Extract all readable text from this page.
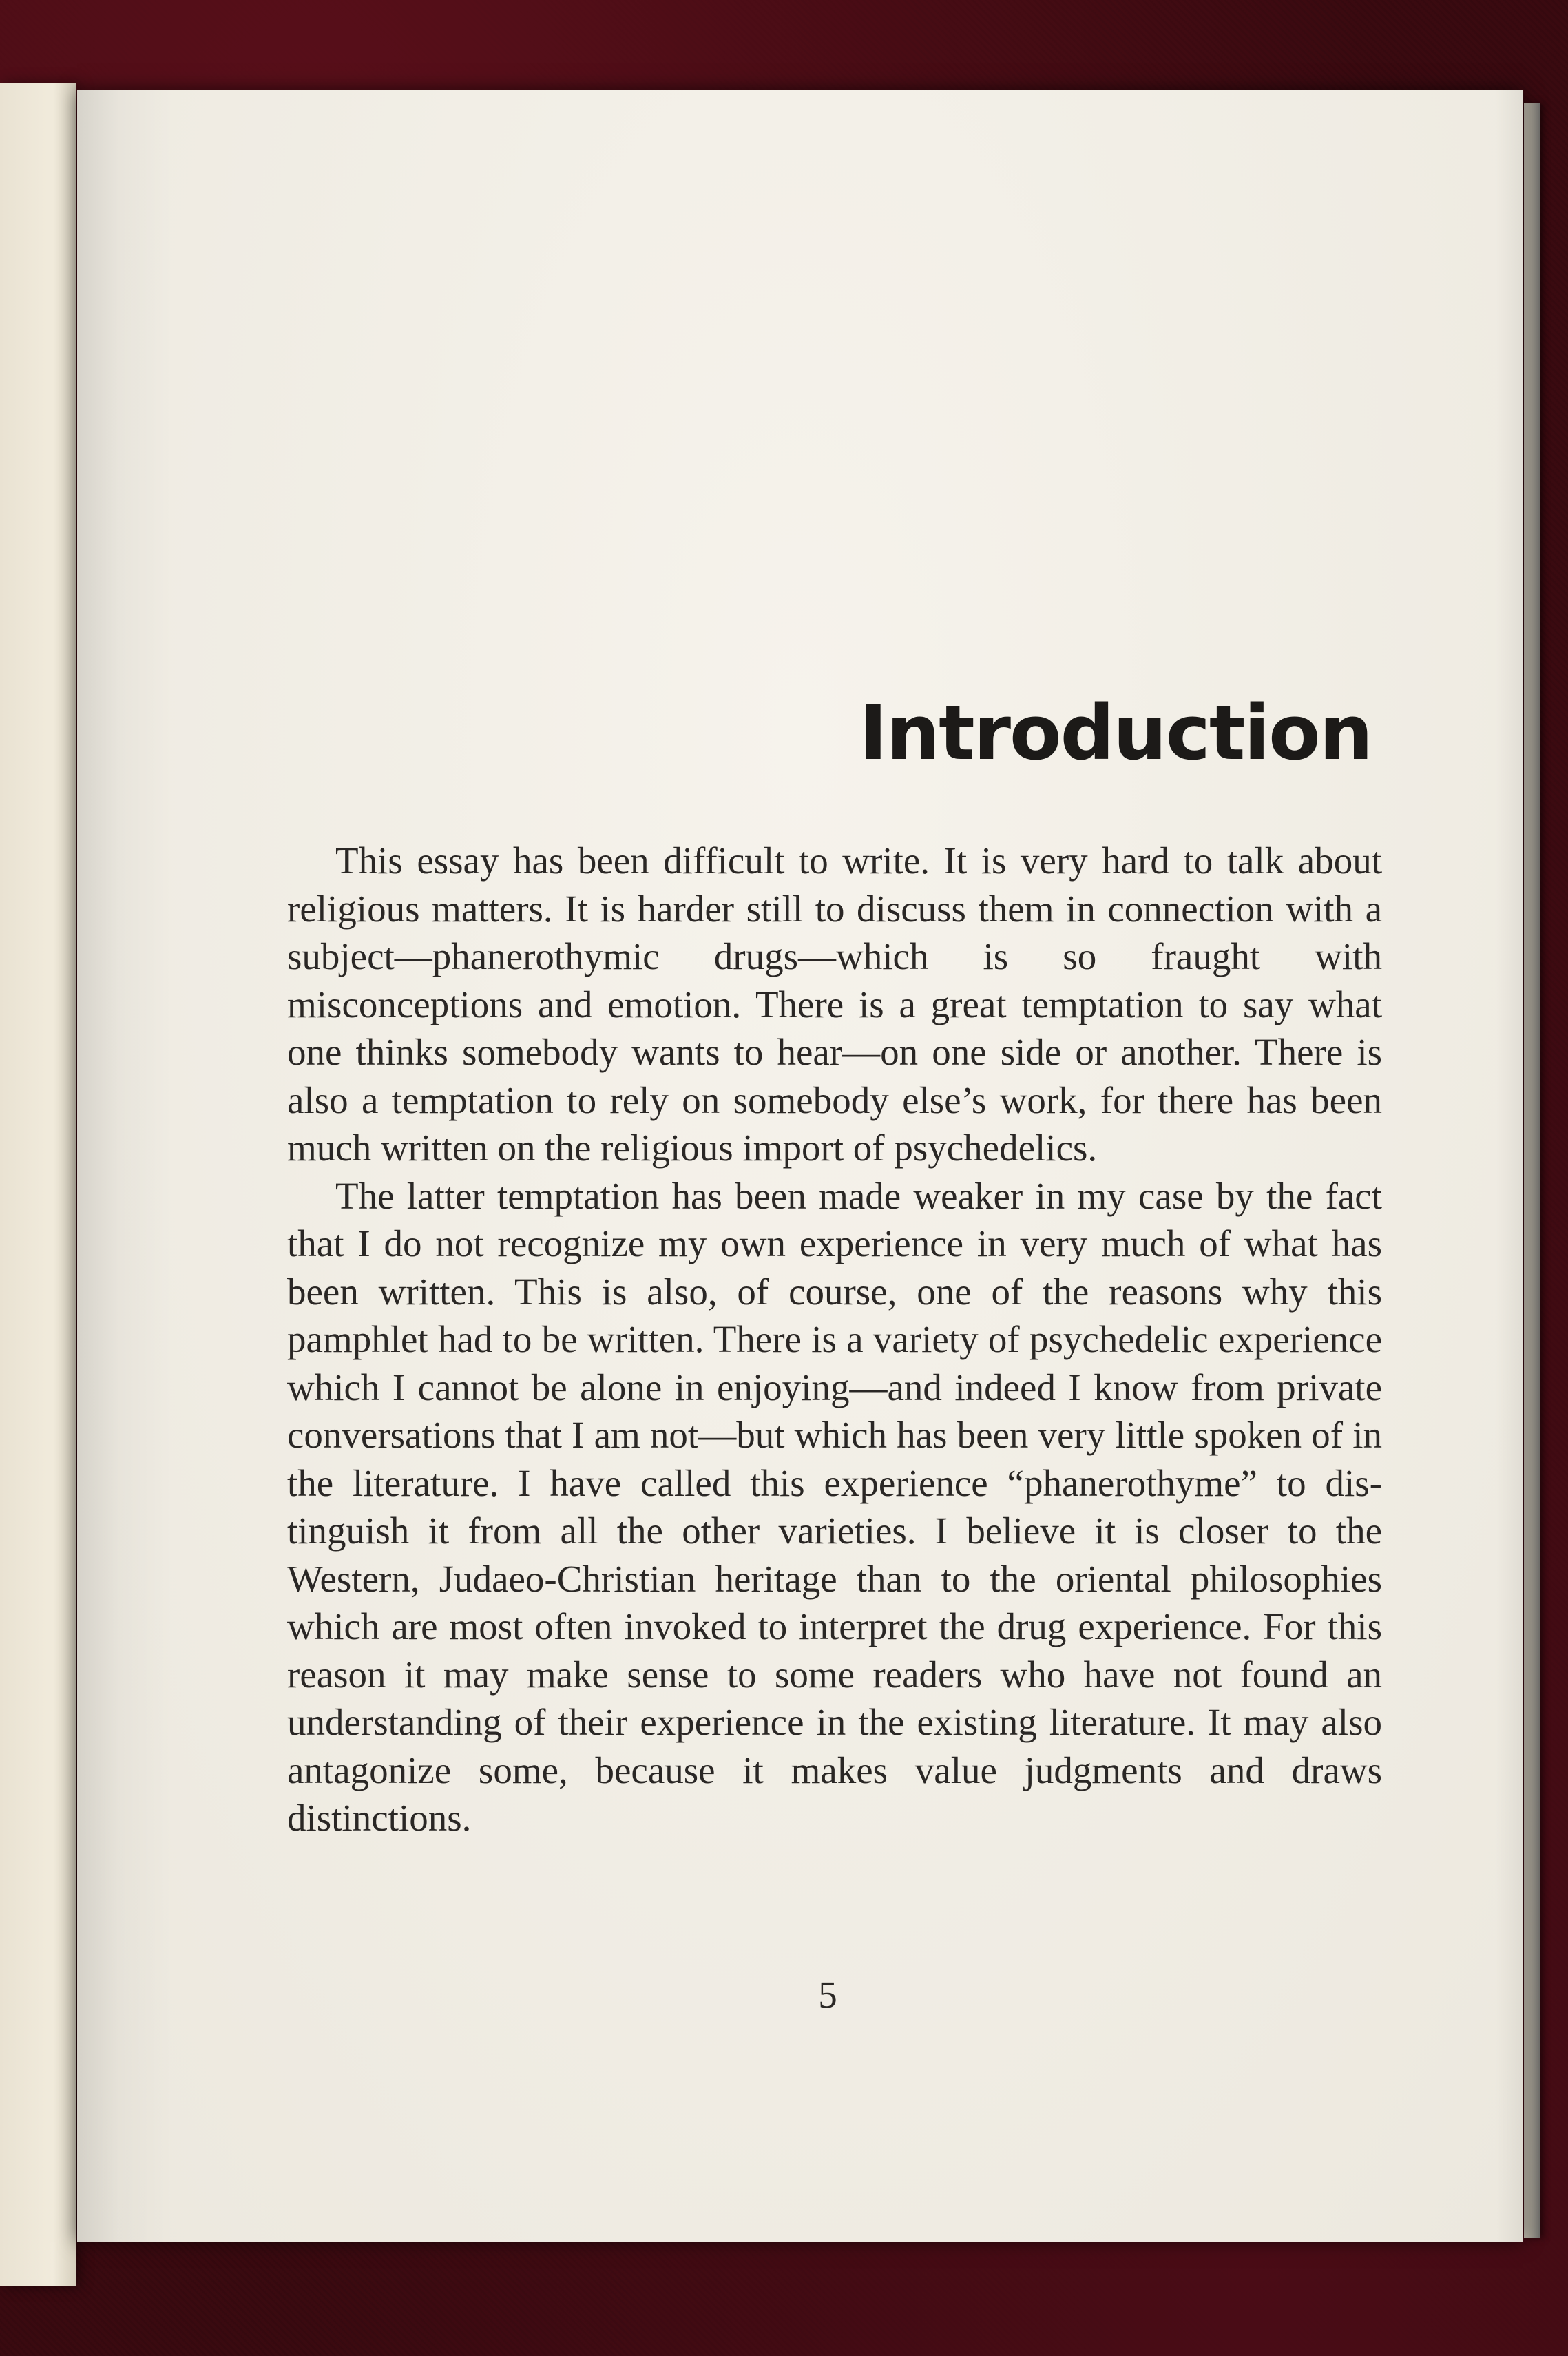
Introduction

This essay has been difficult to write. It is very hard to talk about religious matters. It is harder still to discuss them in connection with a subject—phanerothymic drugs—which is so fraught with misconceptions and emotion. There is a great temptation to say what one thinks somebody wants to hear—on one side or another. There is also a temptation to rely on somebody else’s work, for there has been much written on the religious import of psychedelics.

The latter temptation has been made weaker in my case by the fact that I do not recognize my own experience in very much of what has been written. This is also, of course, one of the reasons why this pamphlet had to be written. There is a variety of psychedelic experience which I cannot be alone in enjoying—and indeed I know from private conversations that I am not—but which has been very little spoken of in the literature. I have called this experience “phanerothyme” to distinguish it from all the other varieties. I believe it is closer to the Western, Judaeo-Christian heritage than to the oriental philosophies which are most often invoked to interpret the drug experience. For this reason it may make sense to some readers who have not found an understanding of their experience in the existing literature. It may also antagonize some, because it makes value judgments and draws distinctions.

5
